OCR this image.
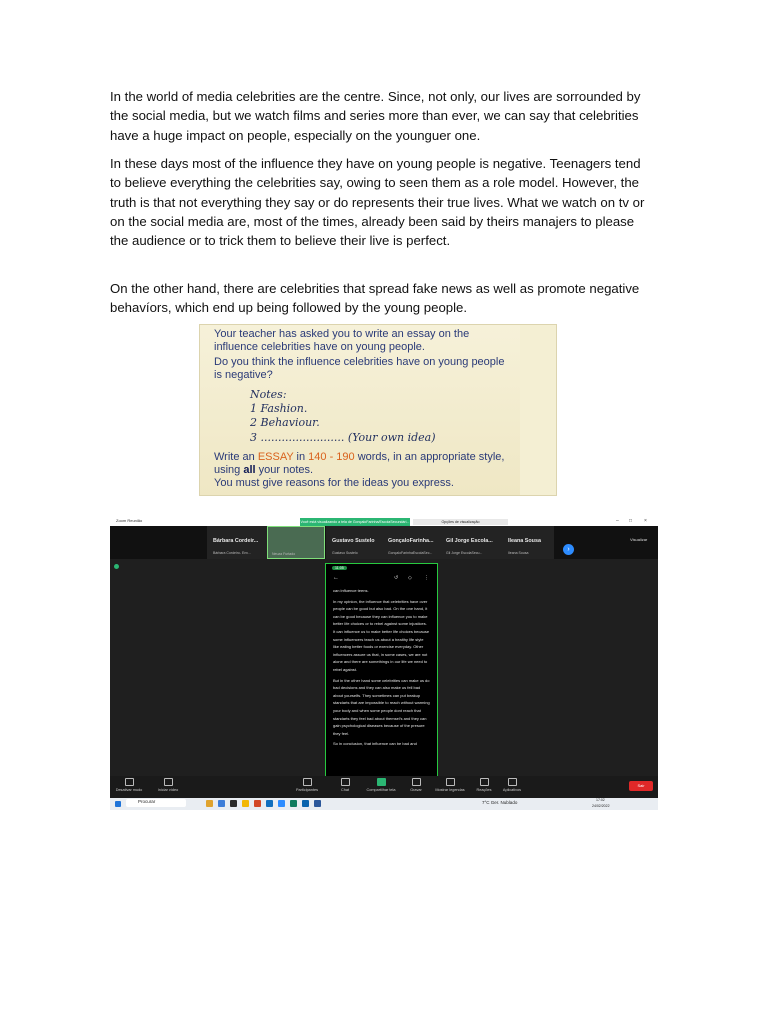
In the world of media celebrities are the centre. Since, not only, our lives are sorrounded by the social media, but we watch films and series more than ever, we can say that celebrities have a huge impact on people, especially on the younguer one.

In these days most of the influence they have on young people is negative. Teenagers tend to believe everything the celebrities say, owing to seen them as a role model. However, the truth is that not everything they say or do represents their true lives. What we watch on tv or on the social media are, most of the times, already been said by theirs manajers to please the audience or to trick them to believe their live is perfect.

On the other hand, there are celebrities that spread fake news as well as promote negative behavíors, which end up being followed by the young people.

Your teacher has asked you to write an essay on the
influence celebrities have on young people.
Do you think the influence celebrities have on young people
is negative?
Notes:
1 Fashion.
2 Behaviour.
3 ........................ (Your own idea)
Write an ESSAY in 140 - 190 words, in an appropriate style,
using all your notes.
You must give reasons for the ideas you express.
Zoom Reunião	– □ ×
Você está visualizando a tela de GonçaloFarinha/EscolaSecundári...	Opções de visualização
Bárbara Cordeir...
Bárbara Cordeiro- Env...	Neuza Furtado
Gustavo Sustelo
Gustavo Sustelo
GonçaloFarinha...
GonçaloFarinhaEscolaSec...
Gil Jorge Escola...
Gil Jorge EscolaSecu...
Ileana Sousa
Ileana Sousa	›
Visualizar
11:05
←	↺ ◇ ⋮

can influence teens.

In my opinion, the influence that celebrities have over people can be good but also bad. On the one hand, it can be good because they can influence you to make better life choices or to rebel against some injustices. It can influence us to make better life choices because some influencers teach us about a healthy life style like eating better foods or exercise everyday. Other influencers assure us that, in some cases, we are not alone and there are somethings in our life we need to rebel against.

But in the other hand some celebrities can make us do bad decisions and they can also make us fell bad about yourselfs. They sometimes can put beakup standarts that are impossible to reach without warming your body and when some people dont reach that standarts they feel bad about themsel's and they can gain psychological diseases because of the presure they feel.

So in conclusion, that influence can be bad and

Desativar mudo	Iniciar vídeo	Participantes	Chat	Compartilhar tela	Gravar	Mostrar legendas	Reações	Aplicativos
Sair
Procurar	7°C Ger. Nublado	17:02
24/02/2022
